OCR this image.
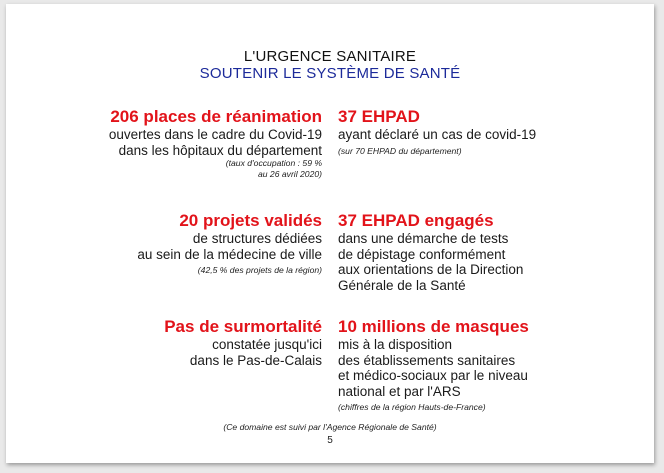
L'URGENCE SANITAIRE
SOUTENIR LE SYSTÈME DE SANTÉ
206 places de réanimation
ouvertes dans le cadre du Covid-19
dans les hôpitaux du département
(taux d'occupation : 59 %
au 26 avril 2020)
37 EHPAD
ayant déclaré un cas de covid-19
(sur 70 EHPAD du département)
20 projets validés
de structures dédiées
au sein de la médecine de ville
(42,5 % des projets de la région)
37 EHPAD engagés
dans une démarche de tests
de dépistage conformément
aux orientations de la Direction
Générale de la Santé
Pas de surmortalité
constatée jusqu'ici
dans le Pas-de-Calais
10 millions de masques
mis à la disposition
des établissements sanitaires
et médico-sociaux par le niveau
national et par l'ARS
(chiffres de la région Hauts-de-France)
(Ce domaine est suivi par l'Agence Régionale de Santé)
5
